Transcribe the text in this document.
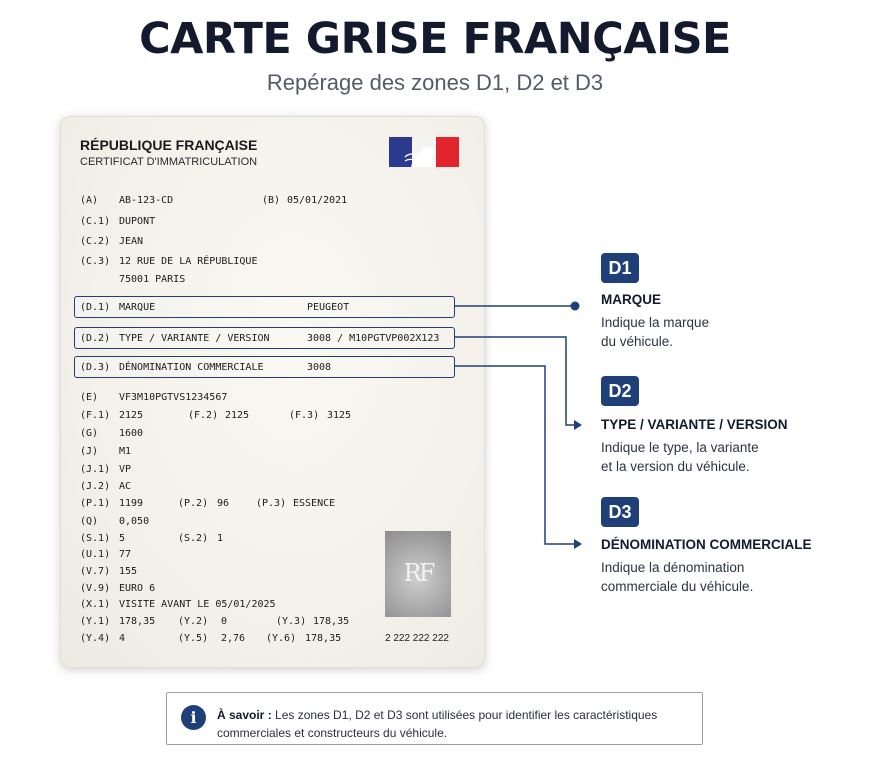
CARTE GRISE FRANÇAISE
Repérage des zones D1, D2 et D3
RÉPUBLIQUE FRANÇAISE
CERTIFICAT D'IMMATRICULATION
(A) AB-123-CD	(B) 05/01/2021
(C.1) DUPONT
(C.2) JEAN
(C.3) 12 RUE DE LA RÉPUBLIQUE
75001 PARIS
(D.1) MARQUE	PEUGEOT
(D.2) TYPE / VARIANTE / VERSION	3008 / M10PGTVP002X123
(D.3) DÉNOMINATION COMMERCIALE	3008
(E) VF3M10PGTVS1234567
(F.1) 2125	(F.2) 2125	(F.3) 3125
(G) 1600
(J) M1
(J.1) VP
(J.2) AC
(P.1) 1199	(P.2) 96	(P.3) ESSENCE
(Q) 0,050
(S.1) 5	(S.2) 1
(U.1) 77
(V.7) 155
(V.9) EURO 6
(X.1) VISITE AVANT LE 05/01/2025
(Y.1) 178,35 (Y.2) 0	(Y.3) 178,35
(Y.4) 4	(Y.5) 2,76 (Y.6) 178,35
RF
2 222 222 222
D1
MARQUE
Indique la marque
du véhicule.
D2
TYPE / VARIANTE / VERSION
Indique le type, la variante
et la version du véhicule.
D3
DÉNOMINATION COMMERCIALE
Indique la dénomination
commerciale du véhicule.
i	À savoir : Les zones D1, D2 et D3 sont utilisées pour identifier les caractéristiques
commerciales et constructeurs du véhicule.
